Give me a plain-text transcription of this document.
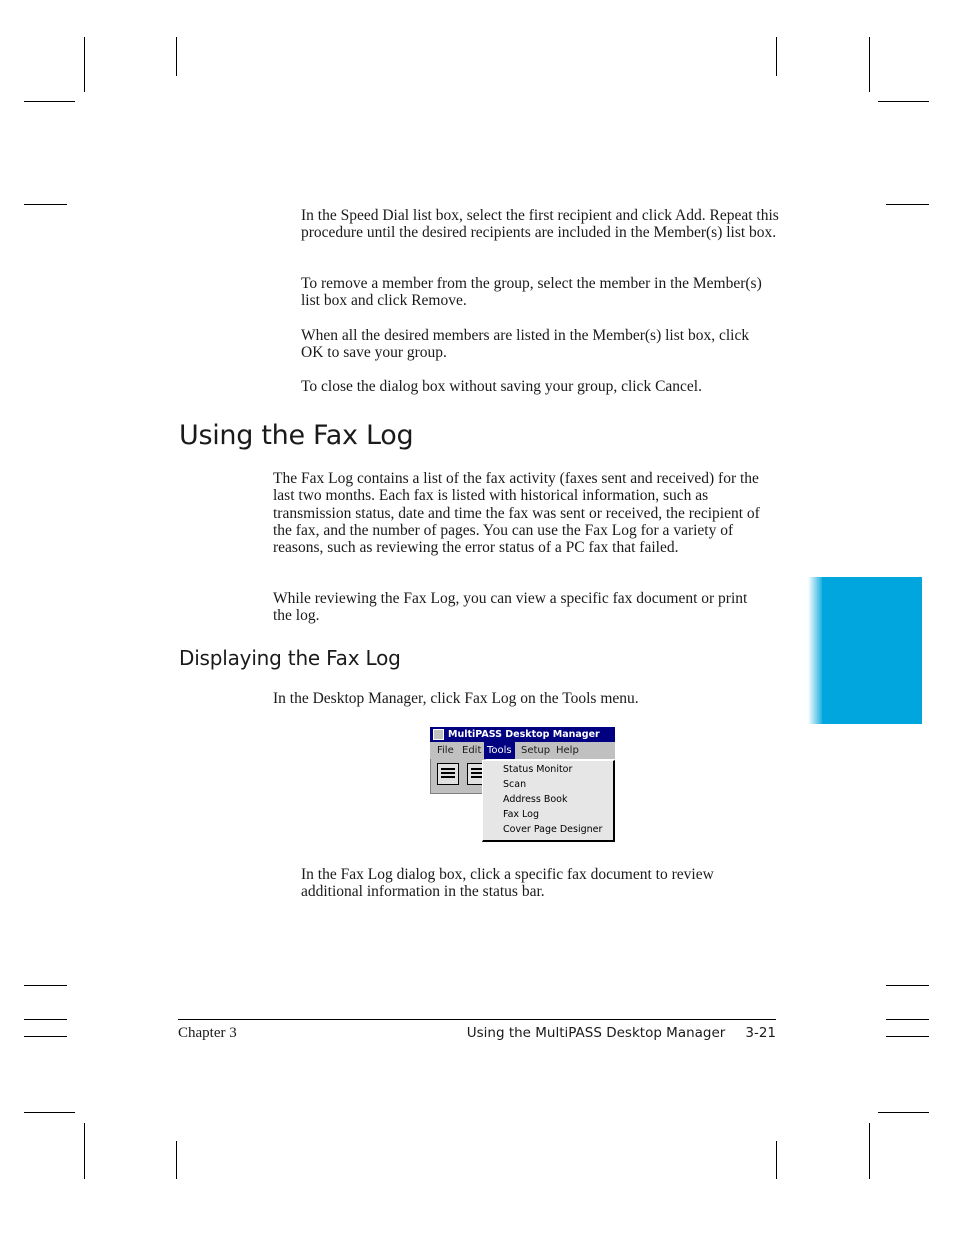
In the Speed Dial list box, select the first recipient and click Add. Repeat this procedure until the desired recipients are included in the Member(s) list box.

To remove a member from the group, select the member in the Member(s) list box and click Remove.

When all the desired members are listed in the Member(s) list box, click OK to save your group.

To close the dialog box without saving your group, click Cancel.

Using the Fax Log

The Fax Log contains a list of the fax activity (faxes sent and received) for the last two months. Each fax is listed with historical information, such as transmission status, date and time the fax was sent or received, the recipient of the fax, and the number of pages. You can use the Fax Log for a variety of reasons, such as reviewing the error status of a PC fax that failed.

While reviewing the Fax Log, you can view a specific fax document or print the log.

Displaying the Fax Log

In the Desktop Manager, click Fax Log on the Tools menu.

MultiPASS Desktop Manager
File Edit Tools Setup Help
Status Monitor
Scan
Address Book
Fax Log
Cover Page Designer

In the Fax Log dialog box, click a specific fax document to review additional information in the status bar.

Chapter 3	Using the MultiPASS Desktop Manager 3-21
